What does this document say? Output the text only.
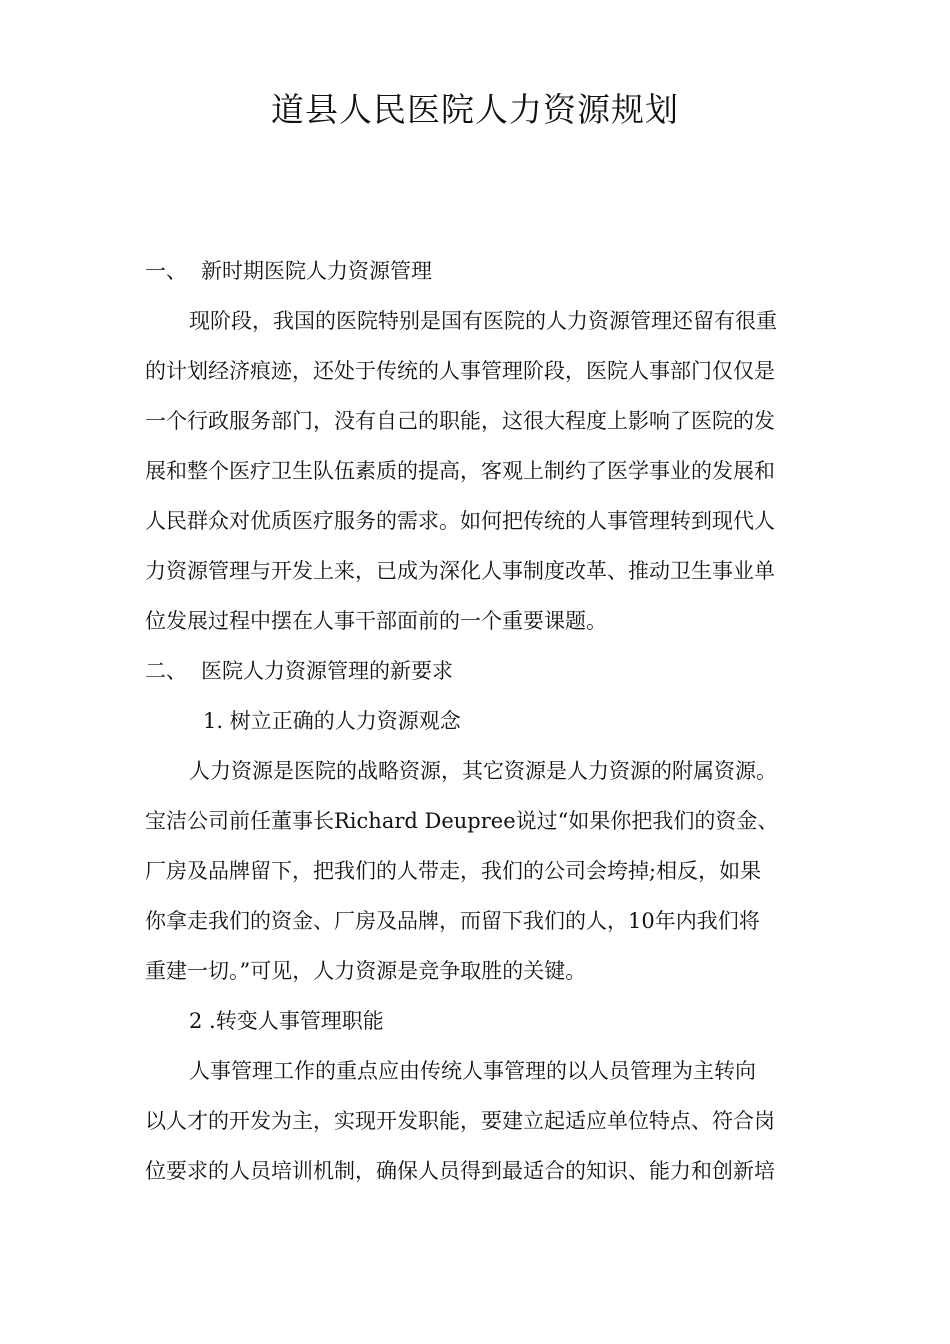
道县人民医院人力资源规划
一、 新时期医院人力资源管理
现阶段，我国的医院特别是国有医院的人力资源管理还留有很重
的计划经济痕迹，还处于传统的人事管理阶段，医院人事部门仅仅是
一个行政服务部门，没有自己的职能，这很大程度上影响了医院的发
展和整个医疗卫生队伍素质的提高，客观上制约了医学事业的发展和
人民群众对优质医疗服务的需求。如何把传统的人事管理转到现代人
力资源管理与开发上来，已成为深化人事制度改革、推动卫生事业单
位发展过程中摆在人事干部面前的一个重要课题。
二、 医院人力资源管理的新要求
1. 树立正确的人力资源观念
人力资源是医院的战略资源，其它资源是人力资源的附属资源。
宝洁公司前任董事长Richard Deupree说过“如果你把我们的资金、
厂房及品牌留下，把我们的人带走，我们的公司会垮掉;相反，如果
你拿走我们的资金、厂房及品牌，而留下我们的人，10年内我们将
重建一切。”可见，人力资源是竞争取胜的关键。
2 .转变人事管理职能
人事管理工作的重点应由传统人事管理的以人员管理为主转向
以人才的开发为主，实现开发职能，要建立起适应单位特点、符合岗
位要求的人员培训机制，确保人员得到最适合的知识、能力和创新培
